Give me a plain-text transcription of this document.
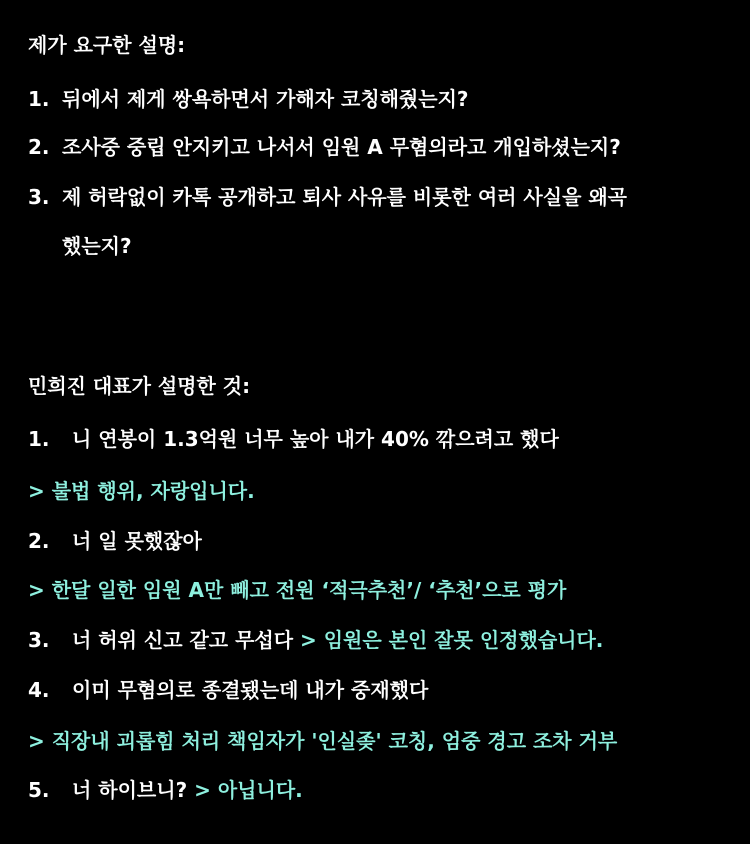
제가 요구한 설명:
1. 뒤에서 제게 쌍욕하면서 가해자 코칭해줬는지?
2. 조사중 중립 안지키고 나서서 임원 A 무혐의라고 개입하셨는지?
3. 제 허락없이 카톡 공개하고 퇴사 사유를 비롯한 여러 사실을 왜곡
했는지?
민희진 대표가 설명한 것:
1. 니 연봉이 1.3억원 너무 높아 내가 40% 깎으려고 했다
> 불법 행위, 자랑입니다.
2. 너 일 못했잖아
> 한달 일한 임원 A만 빼고 전원 ‘적극추천’/ ‘추천’으로 평가
3. 너 허위 신고 같고 무섭다 > 임원은 본인 잘못 인정했습니다.
4. 이미 무혐의로 종결됐는데 내가 중재했다
> 직장내 괴롭힘 처리 책임자가 '인실좆' 코칭, 엄중 경고 조차 거부
5. 너 하이브니? > 아닙니다.
